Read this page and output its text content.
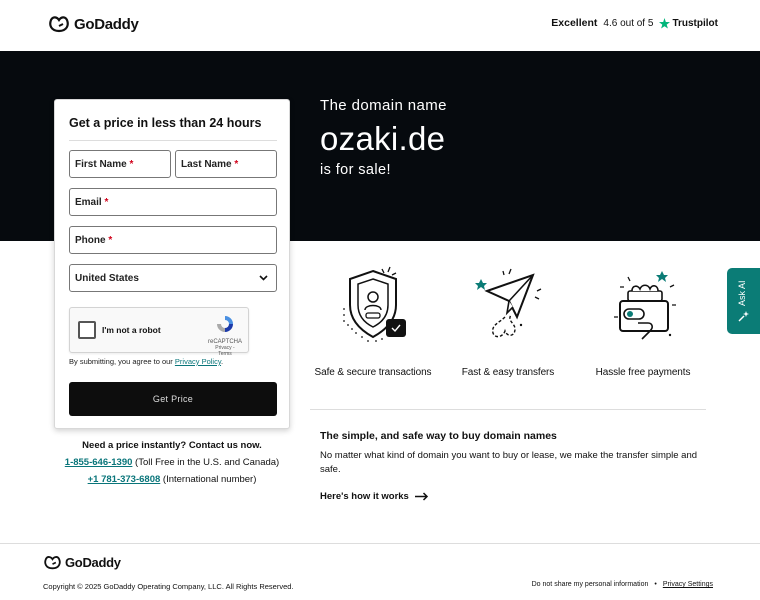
GoDaddy	Excellent 4.6 out of 5 Trustpilot
The domain name
ozaki.de
is for sale!
Get a price in less than 24 hours
First Name *	Last Name *
Email *
Phone *
United States
I'm not a robot
reCAPTCHA
Privacy - Terms
By submitting, you agree to our Privacy Policy.
Get Price
Need a price instantly? Contact us now.
1-855-646-1390 (Toll Free in the U.S. and Canada)
+1 781-373-6808 (International number)
Safe & secure transactions	Fast & easy transfers	Hassle free payments
The simple, and safe way to buy domain names
No matter what kind of domain you want to buy or lease, we make the transfer simple and safe.
Here's how it works
Ask AI
GoDaddy
Copyright © 2025 GoDaddy Operating Company, LLC. All Rights Reserved.	Do not share my personal information • Privacy Settings
